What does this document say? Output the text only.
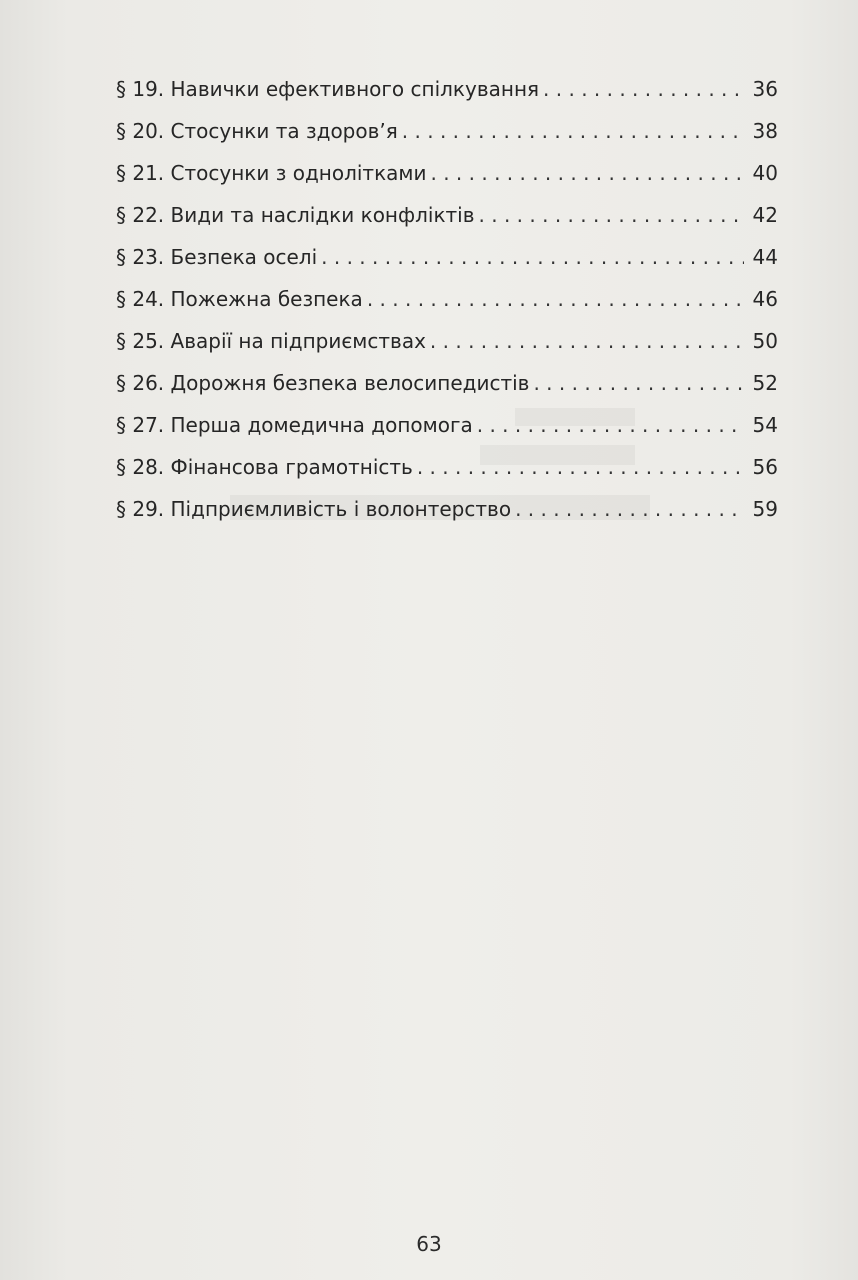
§ 19. Навички ефективного спілкування . . .	36
§ 20. Стосунки та здоров’я . . .	38
§ 21. Стосунки з однолітками . . .	40
§ 22. Види та наслідки конфліктів . . .	42
§ 23. Безпека оселі . . .	44
§ 24. Пожежна безпека . . .	46
§ 25. Аварії на підприємствах . . .	50
§ 26. Дорожня безпека велосипедистів . . .	52
§ 27. Перша домедична допомога . . .	54
§ 28. Фінансова грамотність . . .	56
§ 29. Підприємливість і волонтерство . . .	59
63
